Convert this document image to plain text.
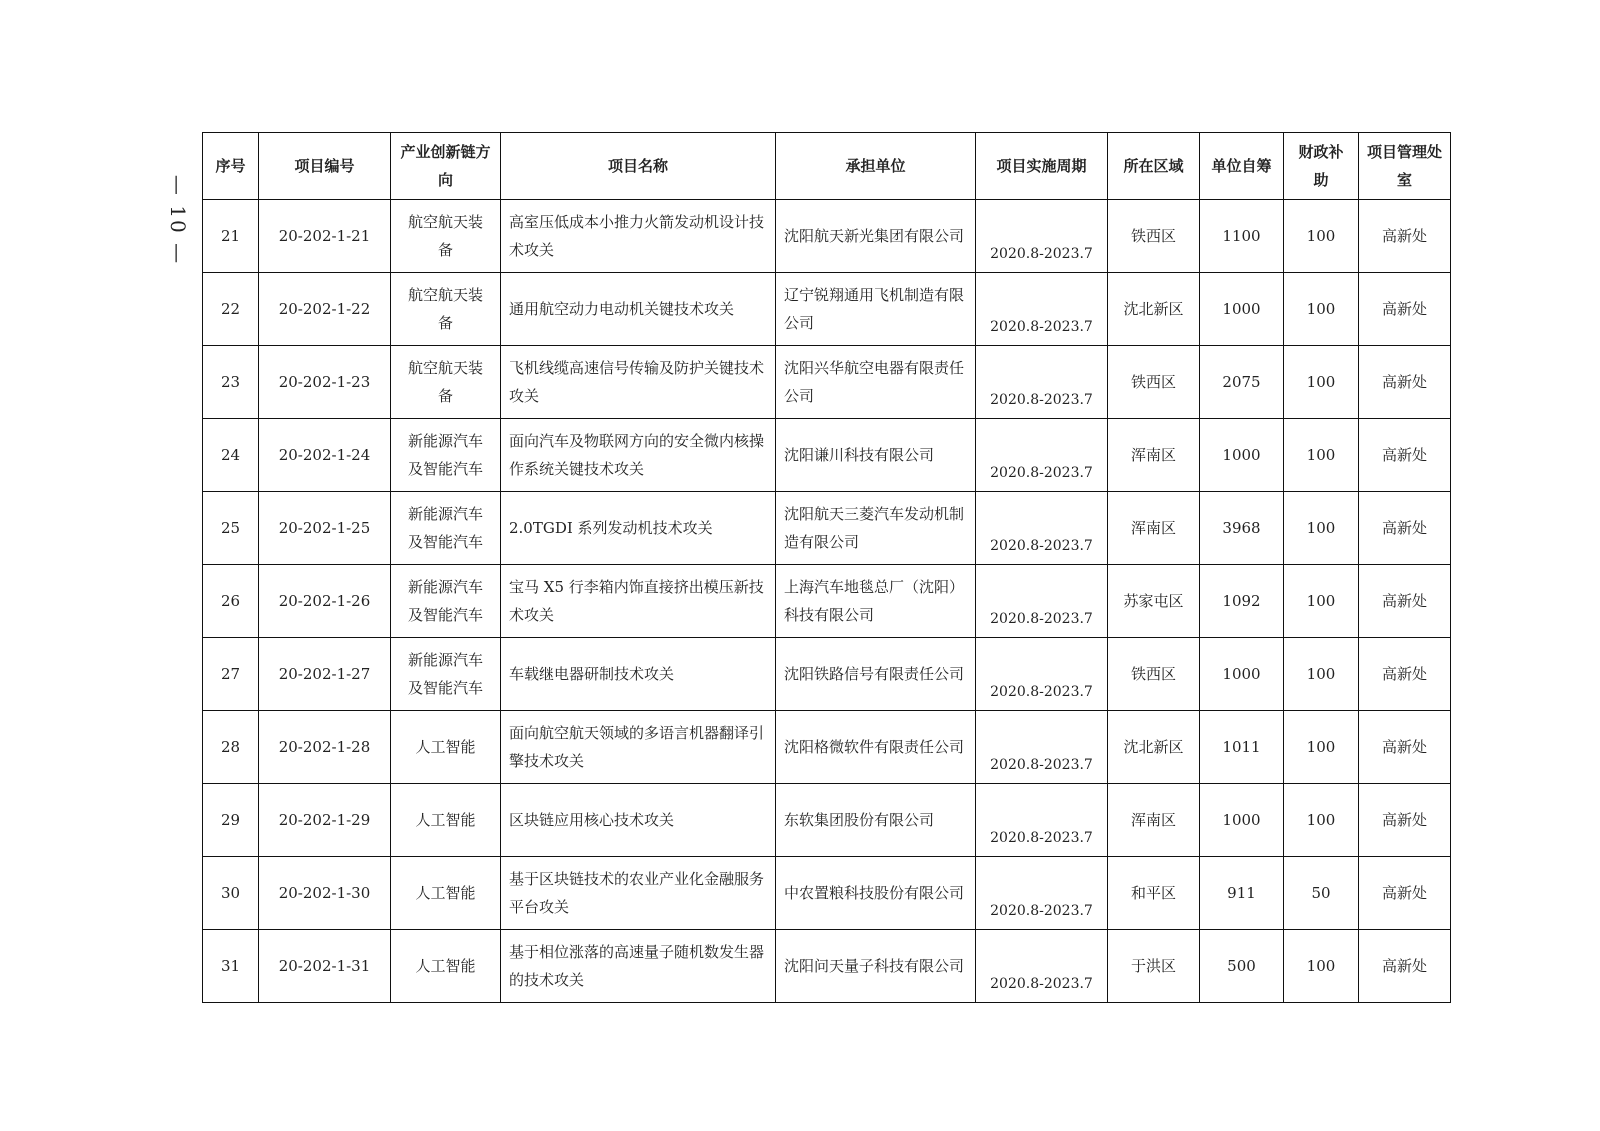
— 10 —
序号	项目编号	产业创新链方向	项目名称	承担单位	项目实施周期	所在区域	单位自筹	财政补助	项目管理处室
21	20-202-1-21	航空航天装备	高室压低成本小推力火箭发动机设计技术攻关	沈阳航天新光集团有限公司	2020.8-2023.7	铁西区	1100	100	高新处
22	20-202-1-22	航空航天装备	通用航空动力电动机关键技术攻关	辽宁锐翔通用飞机制造有限公司	2020.8-2023.7	沈北新区	1000	100	高新处
23	20-202-1-23	航空航天装备	飞机线缆高速信号传输及防护关键技术攻关	沈阳兴华航空电器有限责任公司	2020.8-2023.7	铁西区	2075	100	高新处
24	20-202-1-24	新能源汽车及智能汽车	面向汽车及物联网方向的安全微内核操作系统关键技术攻关	沈阳谦川科技有限公司	2020.8-2023.7	浑南区	1000	100	高新处
25	20-202-1-25	新能源汽车及智能汽车	2.0TGDI 系列发动机技术攻关	沈阳航天三菱汽车发动机制造有限公司	2020.8-2023.7	浑南区	3968	100	高新处
26	20-202-1-26	新能源汽车及智能汽车	宝马 X5 行李箱内饰直接挤出模压新技术攻关	上海汽车地毯总厂（沈阳）科技有限公司	2020.8-2023.7	苏家屯区	1092	100	高新处
27	20-202-1-27	新能源汽车及智能汽车	车载继电器研制技术攻关	沈阳铁路信号有限责任公司	2020.8-2023.7	铁西区	1000	100	高新处
28	20-202-1-28	人工智能	面向航空航天领域的多语言机器翻译引擎技术攻关	沈阳格微软件有限责任公司	2020.8-2023.7	沈北新区	1011	100	高新处
29	20-202-1-29	人工智能	区块链应用核心技术攻关	东软集团股份有限公司	2020.8-2023.7	浑南区	1000	100	高新处
30	20-202-1-30	人工智能	基于区块链技术的农业产业化金融服务平台攻关	中农置粮科技股份有限公司	2020.8-2023.7	和平区	911	50	高新处
31	20-202-1-31	人工智能	基于相位涨落的高速量子随机数发生器的技术攻关	沈阳问天量子科技有限公司	2020.8-2023.7	于洪区	500	100	高新处
